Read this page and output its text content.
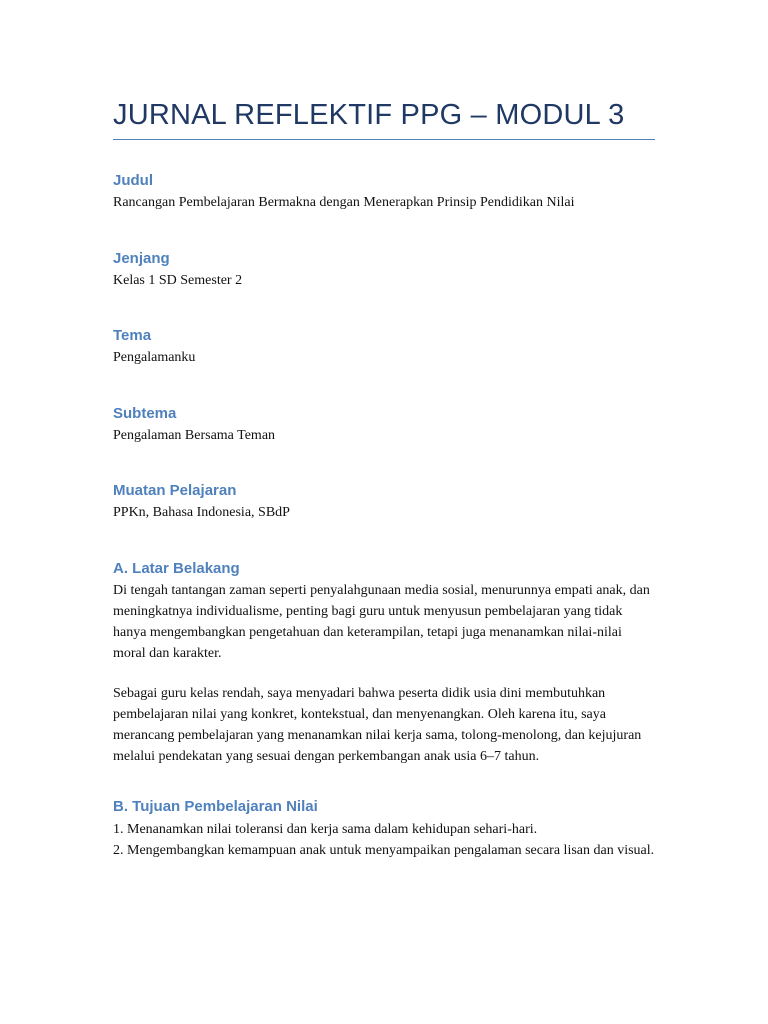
JURNAL REFLEKTIF PPG – MODUL 3
Judul

Rancangan Pembelajaran Bermakna dengan Menerapkan Prinsip Pendidikan Nilai

Jenjang

Kelas 1 SD Semester 2

Tema

Pengalamanku

Subtema

Pengalaman Bersama Teman

Muatan Pelajaran

PPKn, Bahasa Indonesia, SBdP

A. Latar Belakang

Di tengah tantangan zaman seperti penyalahgunaan media sosial, menurunnya empati anak, dan meningkatnya individualisme, penting bagi guru untuk menyusun pembelajaran yang tidak hanya mengembangkan pengetahuan dan keterampilan, tetapi juga menanamkan nilai-nilai moral dan karakter.

Sebagai guru kelas rendah, saya menyadari bahwa peserta didik usia dini membutuhkan pembelajaran nilai yang konkret, kontekstual, dan menyenangkan. Oleh karena itu, saya merancang pembelajaran yang menanamkan nilai kerja sama, tolong-menolong, dan kejujuran melalui pendekatan yang sesuai dengan perkembangan anak usia 6–7 tahun.

B. Tujuan Pembelajaran Nilai

1. Menanamkan nilai toleransi dan kerja sama dalam kehidupan sehari-hari.

2. Mengembangkan kemampuan anak untuk menyampaikan pengalaman secara lisan dan visual.
